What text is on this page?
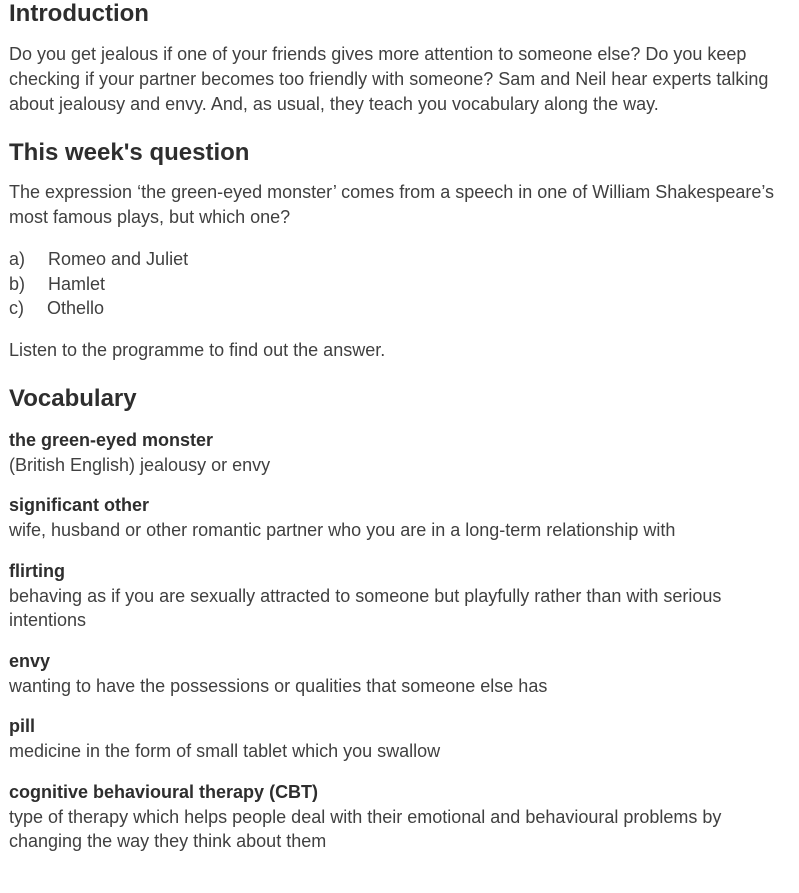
Introduction

Do you get jealous if one of your friends gives more attention to someone else? Do you keep checking if your partner becomes too friendly with someone? Sam and Neil hear experts talking about jealousy and envy. And, as usual, they teach you vocabulary along the way.

This week's question

The expression ‘the green-eyed monster’ comes from a speech in one of William Shakespeare’s most famous plays, but which one?

a)	Romeo and Juliet
b)	Hamlet
c)	Othello

Listen to the programme to find out the answer.

Vocabulary
the green-eyed monster
(British English) jealousy or envy
significant other
wife, husband or other romantic partner who you are in a long-term relationship with
flirting
behaving as if you are sexually attracted to someone but playfully rather than with serious intentions
envy
wanting to have the possessions or qualities that someone else has
pill
medicine in the form of small tablet which you swallow
cognitive behavioural therapy (CBT)
type of therapy which helps people deal with their emotional and behavioural problems by changing the way they think about them
